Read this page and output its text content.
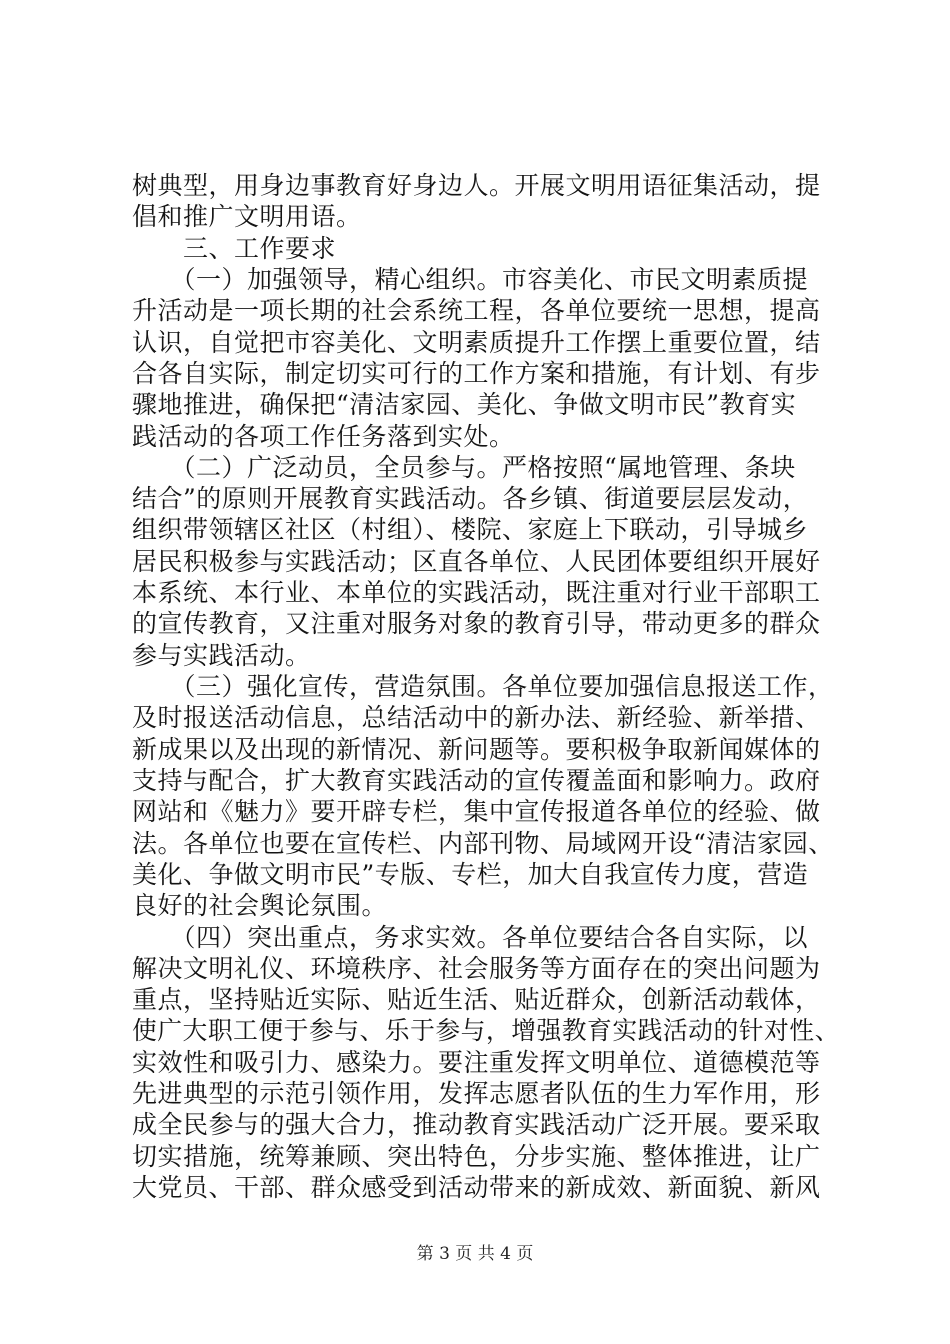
树典型，用身边事教育好身边人。开展文明用语征集活动，提
倡和推广文明用语。
　　三、工作要求
　　（一）加强领导，精心组织。市容美化、市民文明素质提
升活动是一项长期的社会系统工程，各单位要统一思想，提高
认识，自觉把市容美化、文明素质提升工作摆上重要位置，结
合各自实际，制定切实可行的工作方案和措施，有计划、有步
骤地推进，确保把“清洁家园、美化、争做文明市民”教育实
践活动的各项工作任务落到实处。
　　（二）广泛动员，全员参与。严格按照“属地管理、条块
结合”的原则开展教育实践活动。各乡镇、街道要层层发动，
组织带领辖区社区（村组）、楼院、家庭上下联动，引导城乡
居民积极参与实践活动；区直各单位、人民团体要组织开展好
本系统、本行业、本单位的实践活动，既注重对行业干部职工
的宣传教育，又注重对服务对象的教育引导，带动更多的群众
参与实践活动。
　　（三）强化宣传，营造氛围。各单位要加强信息报送工作，
及时报送活动信息，总结活动中的新办法、新经验、新举措、
新成果以及出现的新情况、新问题等。要积极争取新闻媒体的
支持与配合，扩大教育实践活动的宣传覆盖面和影响力。政府
网站和《魅力》要开辟专栏，集中宣传报道各单位的经验、做
法。各单位也要在宣传栏、内部刊物、局域网开设“清洁家园、
美化、争做文明市民”专版、专栏，加大自我宣传力度，营造
良好的社会舆论氛围。
　　（四）突出重点，务求实效。各单位要结合各自实际，以
解决文明礼仪、环境秩序、社会服务等方面存在的突出问题为
重点，坚持贴近实际、贴近生活、贴近群众，创新活动载体，
使广大职工便于参与、乐于参与，增强教育实践活动的针对性、
实效性和吸引力、感染力。要注重发挥文明单位、道德模范等
先进典型的示范引领作用，发挥志愿者队伍的生力军作用，形
成全民参与的强大合力，推动教育实践活动广泛开展。要采取
切实措施，统筹兼顾、突出特色，分步实施、整体推进，让广
大党员、干部、群众感受到活动带来的新成效、新面貌、新风
第 3 页 共 4 页
